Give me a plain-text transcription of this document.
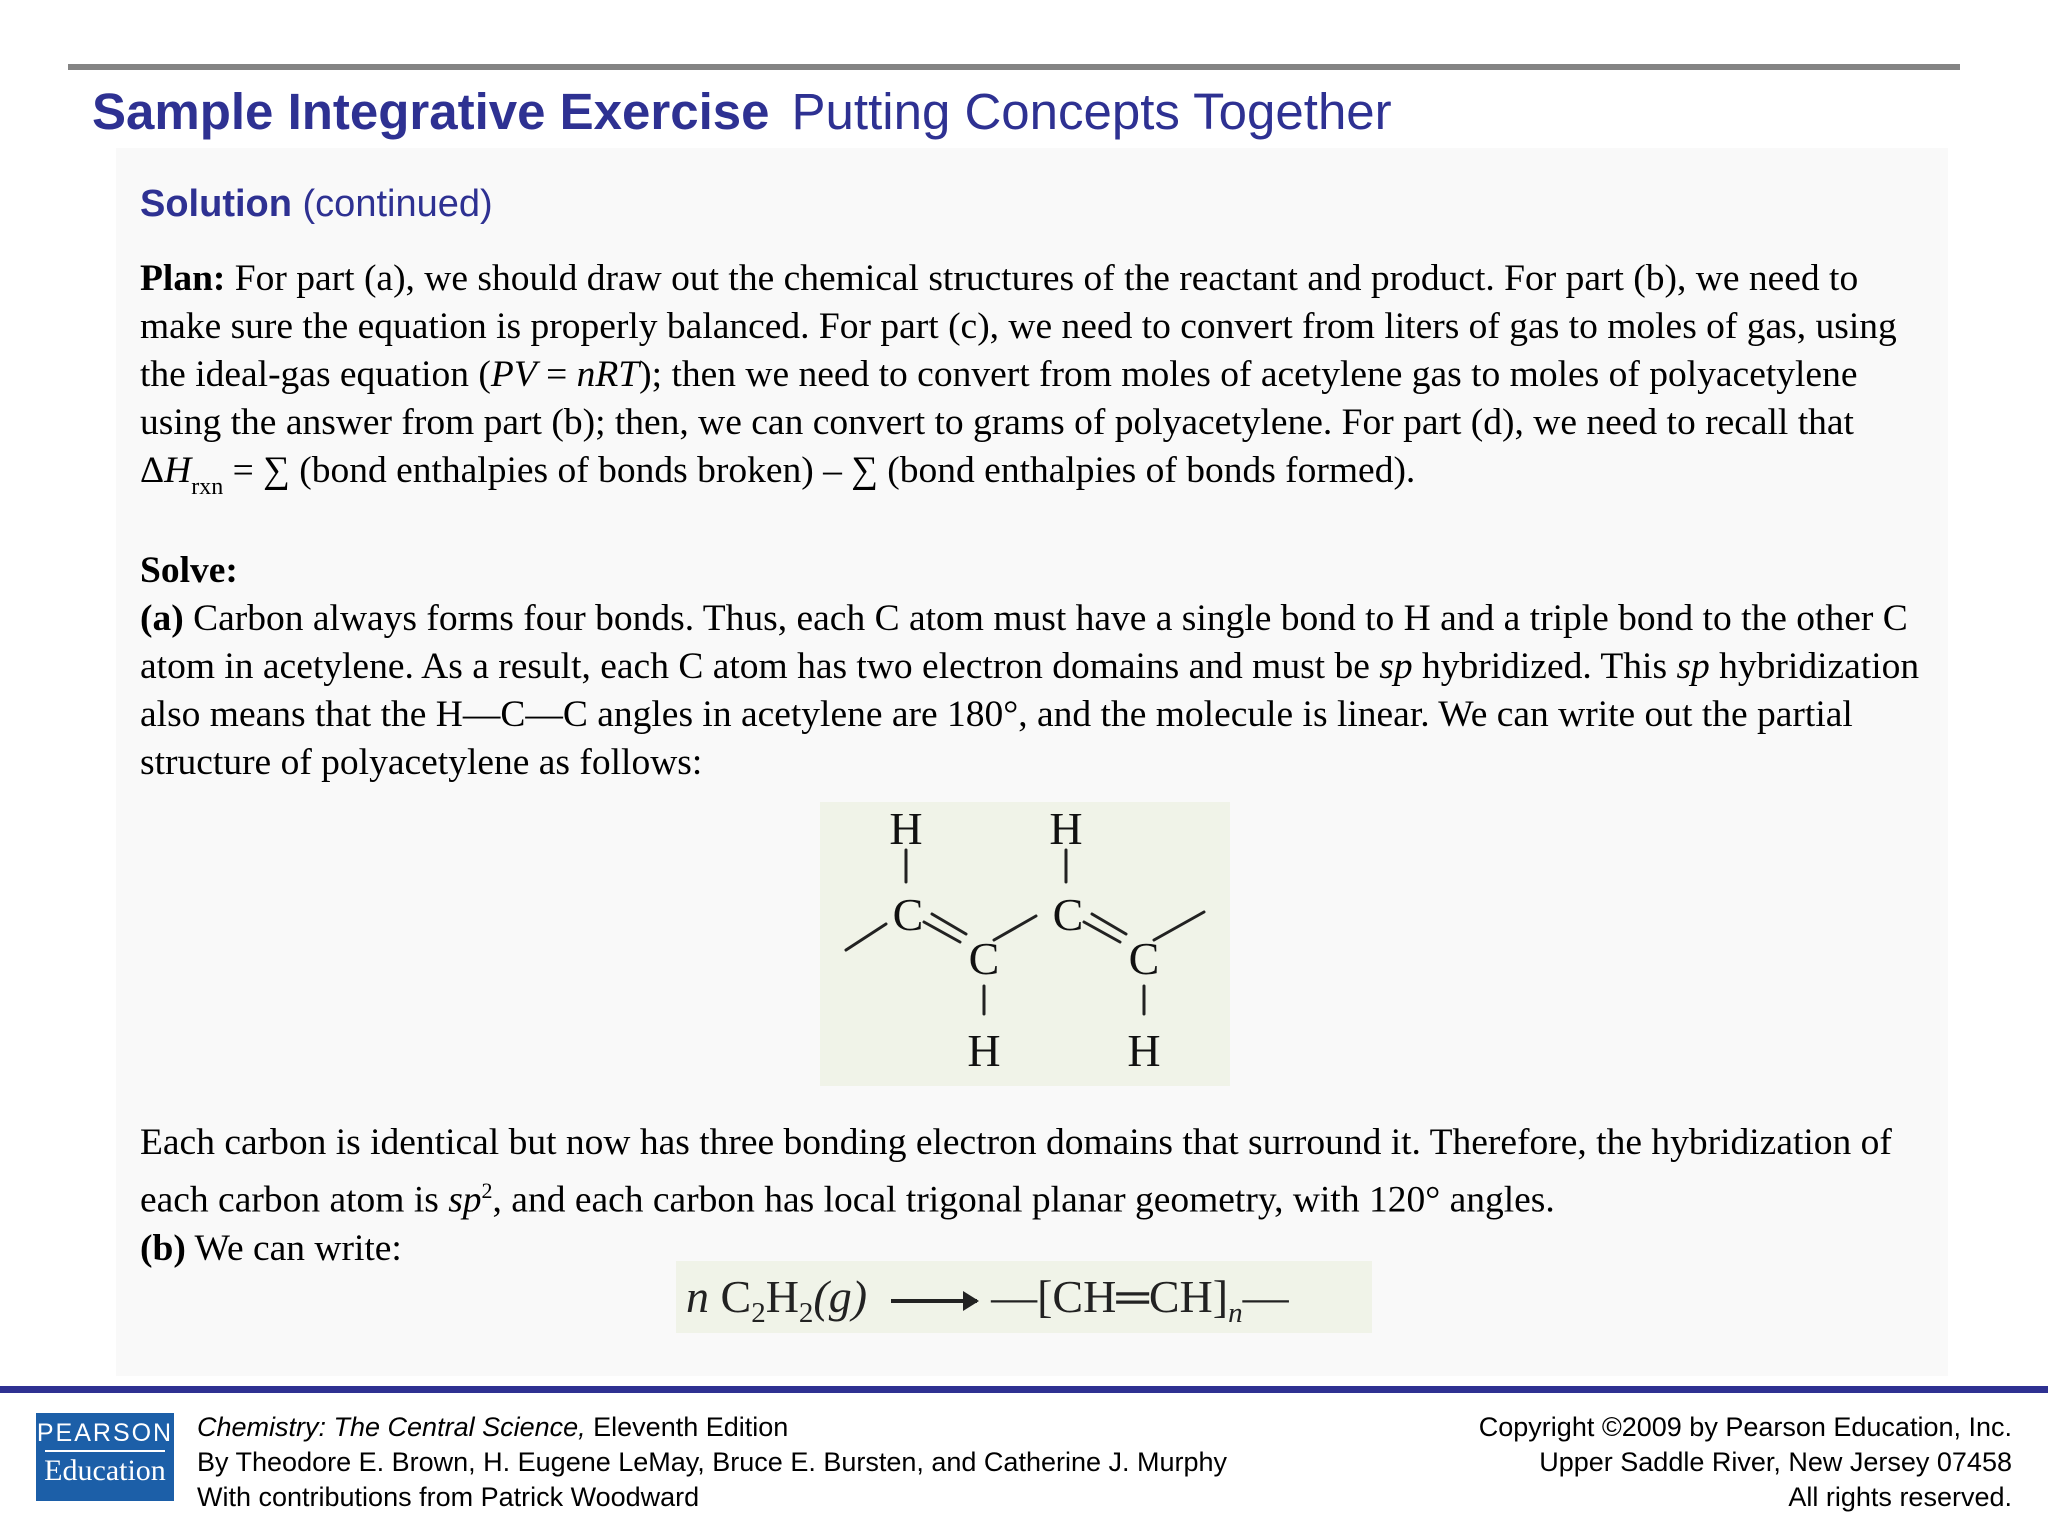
Sample Integrative Exercise Putting Concepts Together
Solution (continued)

Plan: For part (a), we should draw out the chemical structures of the reactant and product. For part (b), we need to make sure the equation is properly balanced. For part (c), we need to convert from liters of gas to moles of gas, using the ideal-gas equation (PV = nRT); then we need to convert from moles of acetylene gas to moles of polyacetylene using the answer from part (b); then, we can convert to grams of polyacetylene. For part (d), we need to recall that $\Delta H_{rxn}$ = ∑ (bond enthalpies of bonds broken) – ∑ (bond enthalpies of bonds formed).

Solve:

(a) Carbon always forms four bonds. Thus, each C atom must have a single bond to H and a triple bond to the other C atom in acetylene. As a result, each C atom has two electron domains and must be sp hybridized. This sp hybridization also means that the H—C—C angles in acetylene are 180°, and the molecule is linear. We can write out the partial structure of polyacetylene as follows:

H	H
C
C
C
C
H	H

Each carbon is identical but now has three bonding electron domains that surround it. Therefore, the hybridization of each carbon atom is $sp^2$, and each carbon has local trigonal planar geometry, with 120° angles.

(b) We can write:

n $C_2H_2(g)$ → $—[CH═CH]_n—$
PEARSON
Education
Chemistry: The Central Science, Eleventh Edition
By Theodore E. Brown, H. Eugene LeMay, Bruce E. Bursten, and Catherine J. Murphy
With contributions from Patrick Woodward
Copyright ©2009 by Pearson Education, Inc.
Upper Saddle River, New Jersey 07458
All rights reserved.
